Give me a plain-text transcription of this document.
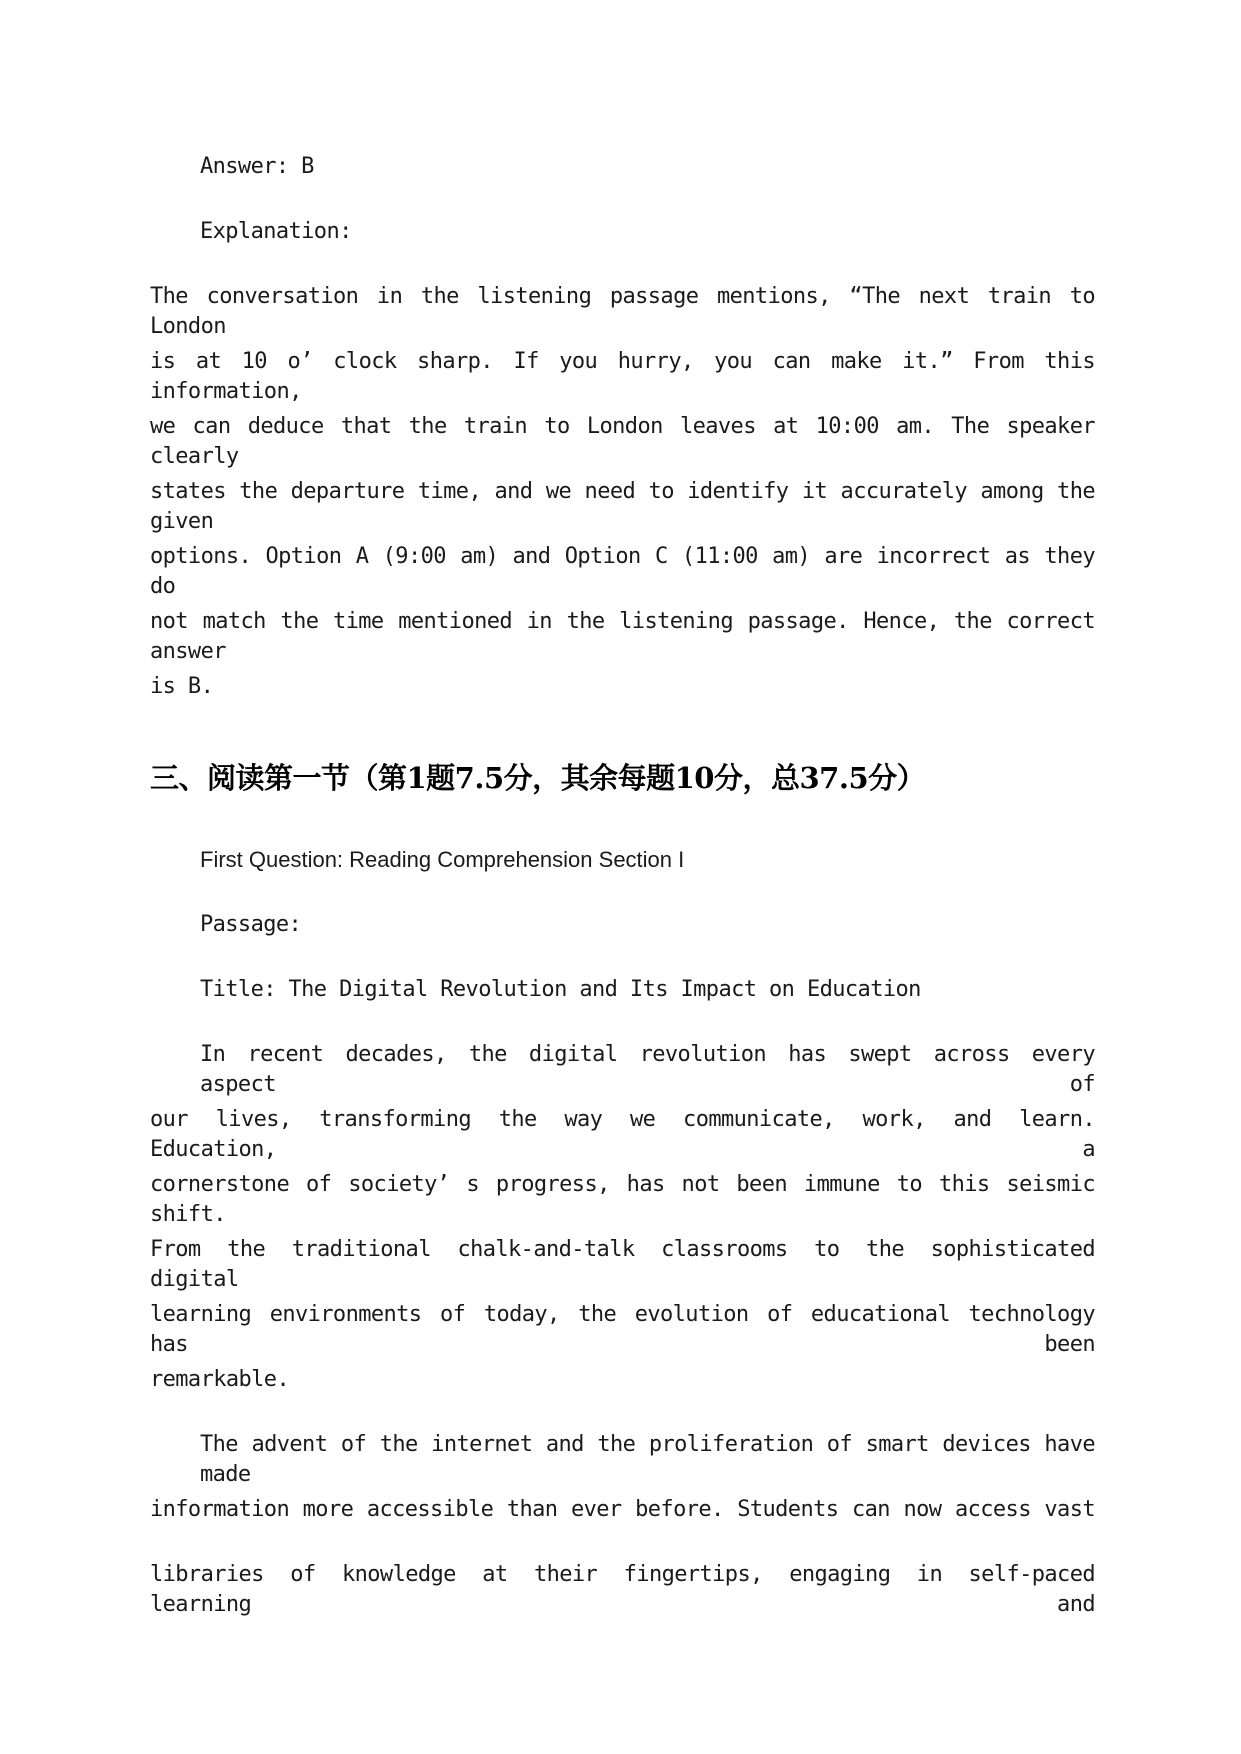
Answer: B
Explanation:
The conversation in the listening passage mentions, “The next train to London
is at 10 o’ clock sharp. If you hurry, you can make it.” From this information,
we can deduce that the train to London leaves at 10:00 am. The speaker clearly
states the departure time, and we need to identify it accurately among the given
options. Option A (9:00 am) and Option C (11:00 am) are incorrect as they do
not match the time mentioned in the listening passage. Hence, the correct answer
is B.
三、阅读第一节（第1题7.5分，其余每题10分，总37.5分）
First Question: Reading Comprehension Section I
Passage:
Title: The Digital Revolution and Its Impact on Education
In recent decades, the digital revolution has swept across every aspect of
our lives, transforming the way we communicate, work, and learn. Education, a
cornerstone of society’ s progress, has not been immune to this seismic shift.
From the traditional chalk-and-talk classrooms to the sophisticated digital
learning environments of today, the evolution of educational technology has been
remarkable.
The advent of the internet and the proliferation of smart devices have made
information more accessible than ever before. Students can now access vast
libraries of knowledge at their fingertips, engaging in self-paced learning and
